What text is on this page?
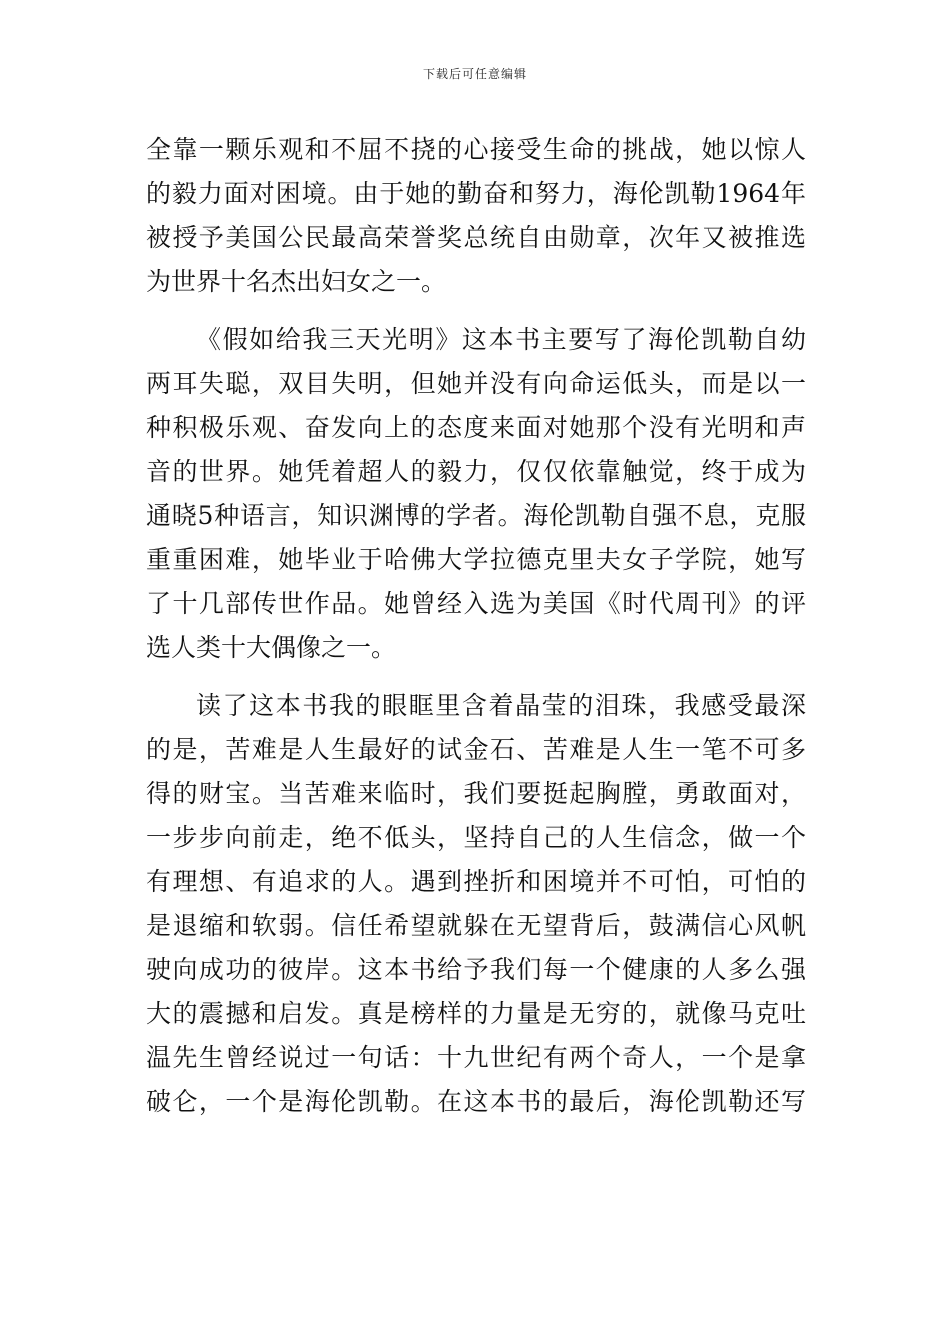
下载后可任意编辑
全靠一颗乐观和不屈不挠的心接受生命的挑战，她以惊人
的毅力面对困境。由于她的勤奋和努力，海伦凯勒1964年
被授予美国公民最高荣誉奖总统自由勋章，次年又被推选
为世界十名杰出妇女之一。
《假如给我三天光明》这本书主要写了海伦凯勒自幼
两耳失聪，双目失明，但她并没有向命运低头，而是以一
种积极乐观、奋发向上的态度来面对她那个没有光明和声
音的世界。她凭着超人的毅力，仅仅依靠触觉，终于成为
通晓5种语言，知识渊博的学者。海伦凯勒自强不息，克服
重重困难，她毕业于哈佛大学拉德克里夫女子学院，她写
了十几部传世作品。她曾经入选为美国《时代周刊》的评
选人类十大偶像之一。
读了这本书我的眼眶里含着晶莹的泪珠，我感受最深
的是，苦难是人生最好的试金石、苦难是人生一笔不可多
得的财宝。当苦难来临时，我们要挺起胸膛，勇敢面对，
一步步向前走，绝不低头，坚持自己的人生信念，做一个
有理想、有追求的人。遇到挫折和困境并不可怕，可怕的
是退缩和软弱。信任希望就躲在无望背后，鼓满信心风帆
驶向成功的彼岸。这本书给予我们每一个健康的人多么强
大的震撼和启发。真是榜样的力量是无穷的，就像马克吐
温先生曾经说过一句话：十九世纪有两个奇人，一个是拿
破仑，一个是海伦凯勒。在这本书的最后，海伦凯勒还写
